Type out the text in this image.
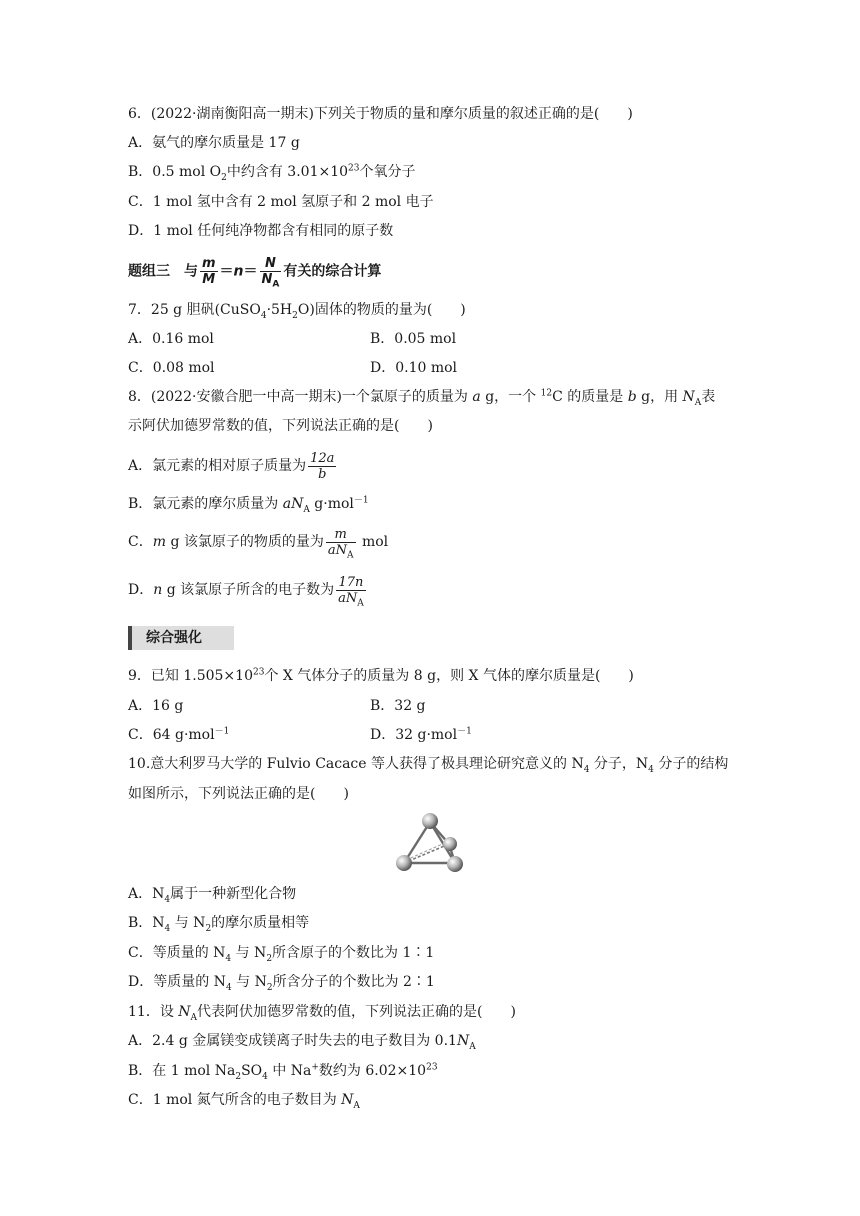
6．(2022·湖南衡阳高一期末)下列关于物质的量和摩尔质量的叙述正确的是(　　)
A．氨气的摩尔质量是 17 g
B．0.5 mol $O_2$中约含有 $3.01\times 10^{23}$个氧分子
C．1 mol 氢中含有 2 mol 氢原子和 2 mol 电子
D．1 mol 任何纯净物都含有相同的原子数
题组三　与 $\frac{m}{M} =n= \frac{N}{N_A}$ 有关的综合计算
7．25 g 胆矾$(CuSO_4\cdot 5H_2O)$固体的物质的量为(　　)
A．0.16 mol	B．0.05 mol
C．0.08 mol	D．0.10 mol
8．(2022·安徽合肥一中高一期末)一个氯原子的质量为 a g，一个 $^{12}$C 的质量是 b g，用 $N_A$表
示阿伏加德罗常数的值，下列说法正确的是(　　)
A．氯元素的相对原子质量为 $\frac{12a}{b}$
B．氯元素的摩尔质量为 $aN_A$ g·mol$^{-1}$
C．m g 该氯原子的物质的量为 $\frac{m}{aN_A}$ mol
D．n g 该氯原子所含的电子数为 $\frac{17n}{aN_A}$
综合强化
9．已知 $1.505\times 10^{23}$个 X 气体分子的质量为 8 g，则 X 气体的摩尔质量是(　　)
A．16 g	B．32 g
C．64 g·mol$^{-1}$	D．32 g·mol$^{-1}$
10.意大利罗马大学的 Fulvio Cacace 等人获得了极具理论研究意义的 $N_4$ 分子，$N_4$ 分子的结构
如图所示，下列说法正确的是(　　)
A．$N_4$属于一种新型化合物
B．$N_4$ 与 $N_2$的摩尔质量相等
C．等质量的 $N_4$ 与 $N_2$所含原子的个数比为 1∶1
D．等质量的 $N_4$ 与 $N_2$所含分子的个数比为 2∶1
11．设 $N_A$代表阿伏加德罗常数的值，下列说法正确的是(　　)
A．2.4 g 金属镁变成镁离子时失去的电子数目为 $0.1N_A$
B．在 1 mol $Na_2SO_4$ 中 Na+数约为 $6.02\times 10^{23}$
C．1 mol 氮气所含的电子数目为 $N_A$
